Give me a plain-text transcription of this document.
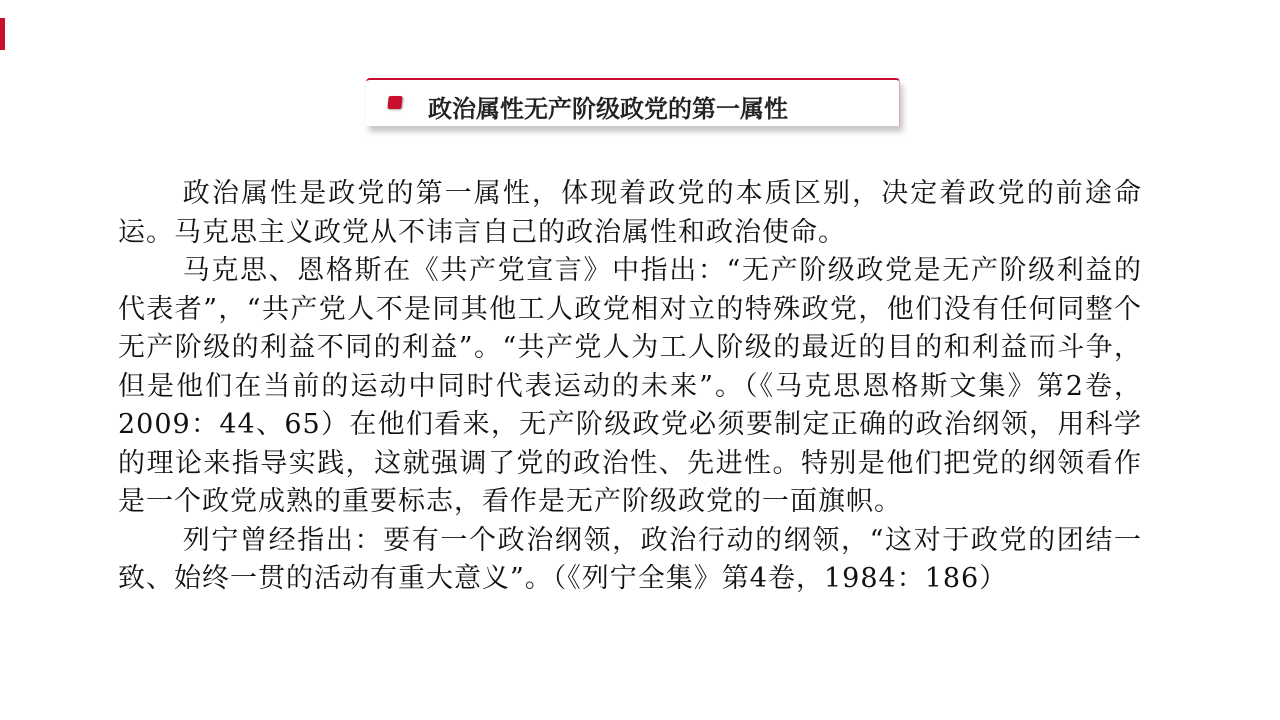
政治属性无产阶级政党的第一属性

政治属性是政党的第一属性，体现着政党的本质区别，决定着政党的前途命运。马克思主义政党从不讳言自己的政治属性和政治使命。

马克思、恩格斯在《共产党宣言》中指出：“无产阶级政党是无产阶级利益的代表者”，“共产党人不是同其他工人政党相对立的特殊政党，他们没有任何同整个无产阶级的利益不同的利益”。“共产党人为工人阶级的最近的目的和利益而斗争，但是他们在当前的运动中同时代表运动的未来”。（《马克思恩格斯文集》第2卷，2009：44、65）在他们看来，无产阶级政党必须要制定正确的政治纲领，用科学的理论来指导实践，这就强调了党的政治性、先进性。特别是他们把党的纲领看作是一个政党成熟的重要标志，看作是无产阶级政党的一面旗帜。

列宁曾经指出：要有一个政治纲领，政治行动的纲领，“这对于政党的团结一致、始终一贯的活动有重大意义”。（《列宁全集》第4卷，1984：186）
